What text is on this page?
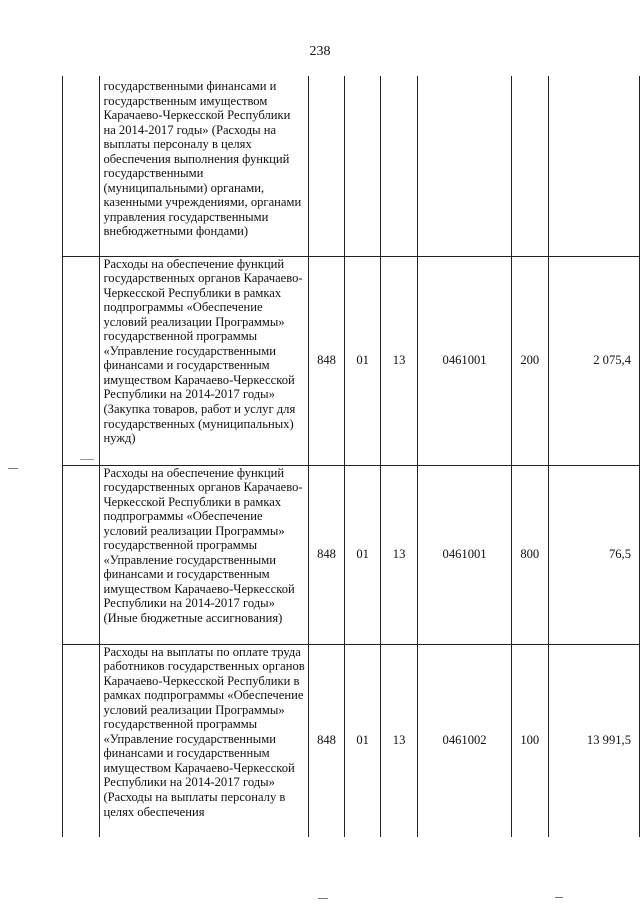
238
	государственными финансами и государственным имуществом Карачаево-Черкесской Республики на 2014-2017 годы» (Расходы на выплаты персоналу в целях обеспечения выполнения функций государственными (муниципальными) органами, казенными учреждениями, органами управления государственными внебюджетными фондами)						
	Расходы на обеспечение функций государственных органов Карачаево-Черкесской Республики в рамках подпрограммы «Обеспечение условий реализации Программы» государственной программы «Управление государственными финансами и государственным имуществом Карачаево-Черкесской Республики на 2014-2017 годы» (Закупка товаров, работ и услуг для государственных (муниципальных) нужд)	848	01	13	0461001	200	2 075,4
	Расходы на обеспечение функций государственных органов Карачаево-Черкесской Республики в рамках подпрограммы «Обеспечение условий реализации Программы» государственной программы «Управление государственными финансами и государственным имуществом Карачаево-Черкесской Республики на 2014-2017 годы» (Иные бюджетные ассигнования)	848	01	13	0461001	800	76,5
	Расходы на выплаты по оплате труда работников государственных органов Карачаево-Черкесской Республики в рамках подпрограммы «Обеспечение условий реализации Программы» государственной программы «Управление государственными финансами и государственным имуществом Карачаево-Черкесской Республики на 2014-2017 годы» (Расходы на выплаты персоналу в целях обеспечения	848	01	13	0461002	100	13 991,5
